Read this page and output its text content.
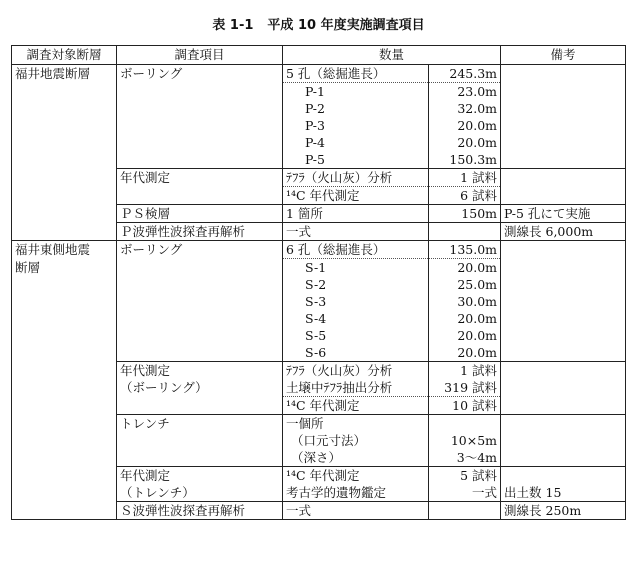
表 1-1 平成 10 年度実施調査項目
調査対象断層	調査項目	数量		備考
福井地震断層	ボーリング	5 孔（総掘進長）	245.3m	
		P-1	23.0m	
		P-2	32.0m	
		P-3	20.0m	
		P-4	20.0m	
		P-5	150.3m	
	年代測定	ﾃﾌﾗ（火山灰）分析	1 試料	
		¹⁴C 年代測定	6 試料	
	ＰＳ検層	1 箇所	150m	P-5 孔にて実施
	Ｐ波弾性波探査再解析	一式		測線長 6,000m
福井東側地震	ボーリング	6 孔（総掘進長）	135.0m	
断層		S-1	20.0m	
		S-2	25.0m	
		S-3	30.0m	
		S-4	20.0m	
		S-5	20.0m	
		S-6	20.0m	
	年代測定	ﾃﾌﾗ（火山灰）分析	1 試料	
	（ボーリング）	土壌中ﾃﾌﾗ抽出分析	319 試料	
		¹⁴C 年代測定	10 試料	
	トレンチ	一個所		
		（口元寸法）	10×5m	
		（深さ）	3～4m	
	年代測定	¹⁴C 年代測定	5 試料	
	（トレンチ）	考古学的遺物鑑定	一式	出土数 15
	Ｓ波弾性波探査再解析	一式		測線長 250m
